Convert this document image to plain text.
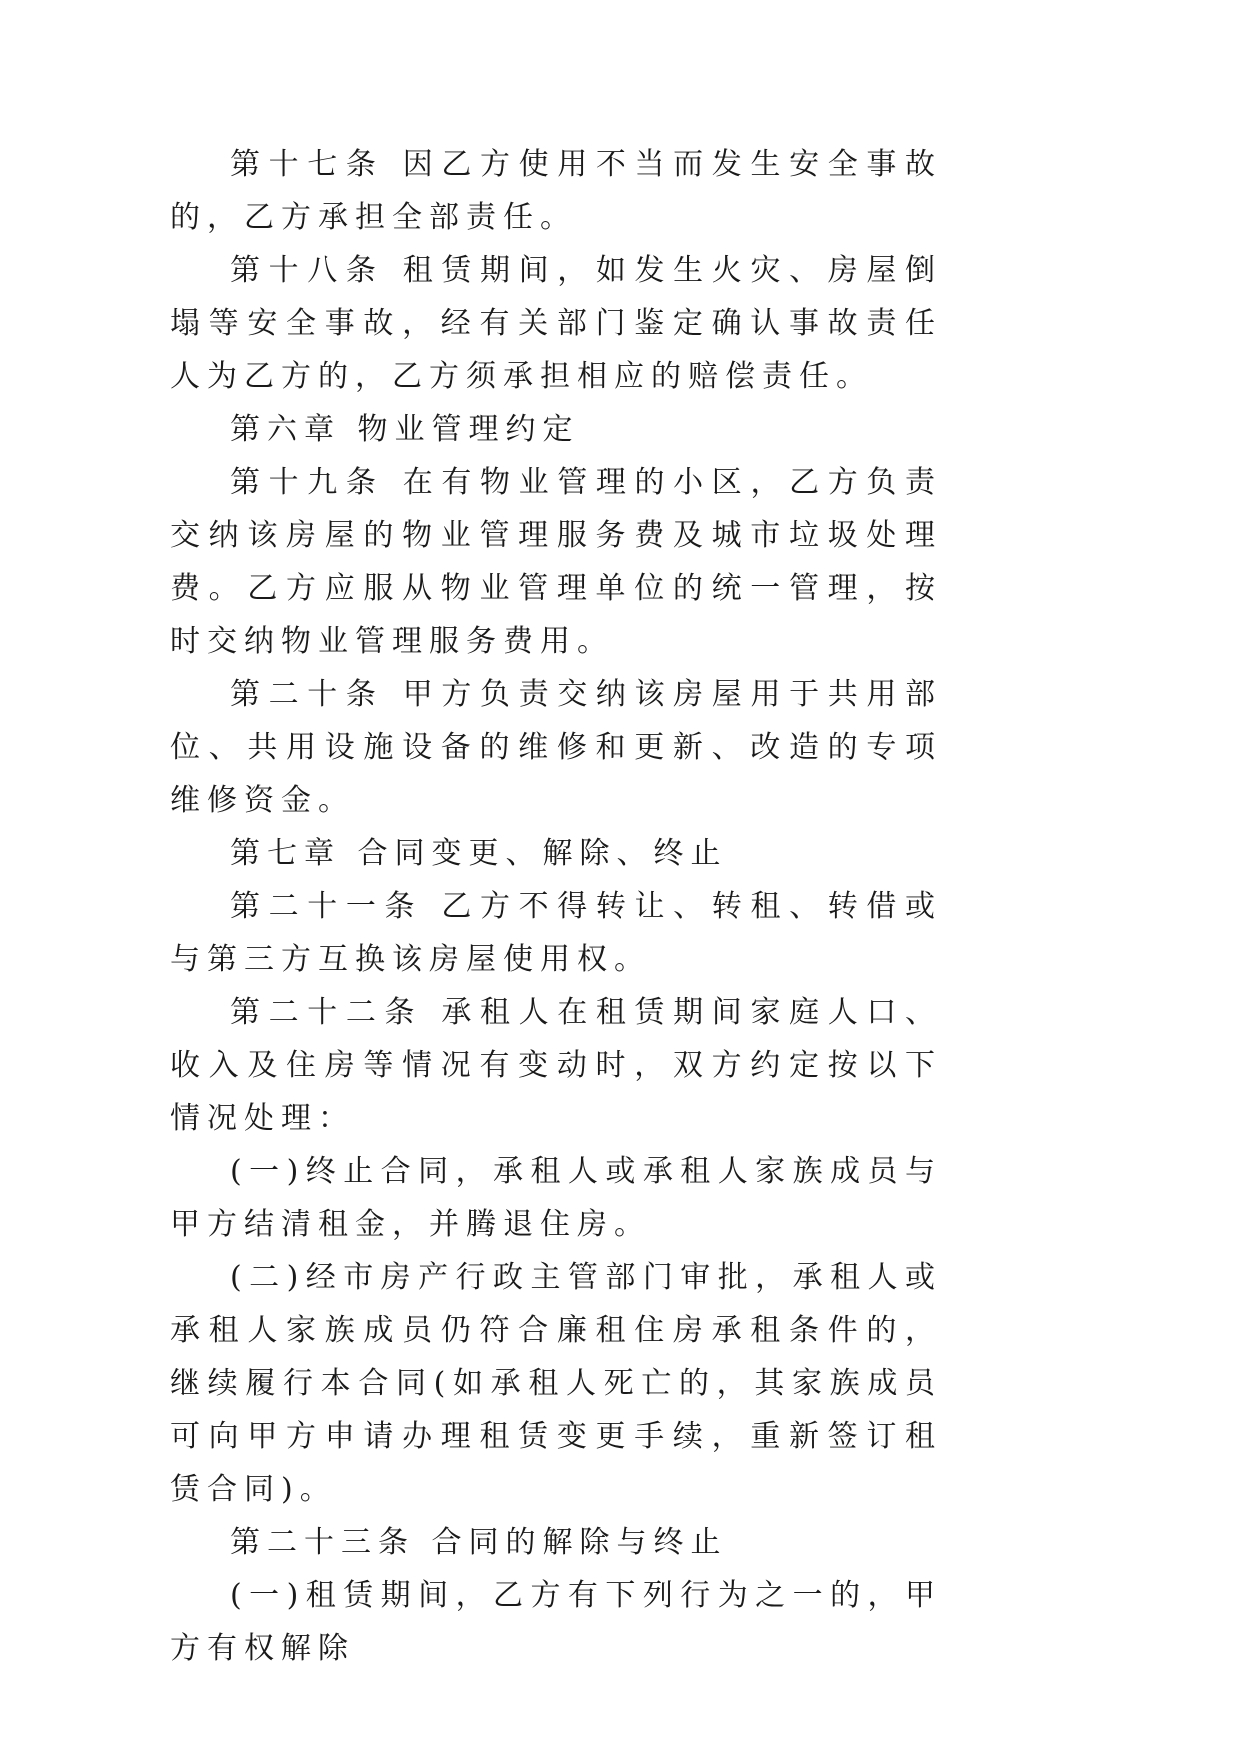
第十七条 因乙方使用不当而发生安全事故的，乙方承担全部责任。

第十八条 租赁期间，如发生火灾、房屋倒塌等安全事故，经有关部门鉴定确认事故责任人为乙方的，乙方须承担相应的赔偿责任。

第六章 物业管理约定

第十九条 在有物业管理的小区，乙方负责交纳该房屋的物业管理服务费及城市垃圾处理费。乙方应服从物业管理单位的统一管理，按时交纳物业管理服务费用。

第二十条 甲方负责交纳该房屋用于共用部位、共用设施设备的维修和更新、改造的专项维修资金。

第七章 合同变更、解除、终止

第二十一条 乙方不得转让、转租、转借或与第三方互换该房屋使用权。

第二十二条 承租人在租赁期间家庭人口、收入及住房等情况有变动时，双方约定按以下情况处理：

(一)终止合同，承租人或承租人家族成员与甲方结清租金，并腾退住房。

(二)经市房产行政主管部门审批，承租人或承租人家族成员仍符合廉租住房承租条件的，继续履行本合同(如承租人死亡的，其家族成员可向甲方申请办理租赁变更手续，重新签订租赁合同)。

第二十三条 合同的解除与终止

(一)租赁期间，乙方有下列行为之一的，甲方有权解除
